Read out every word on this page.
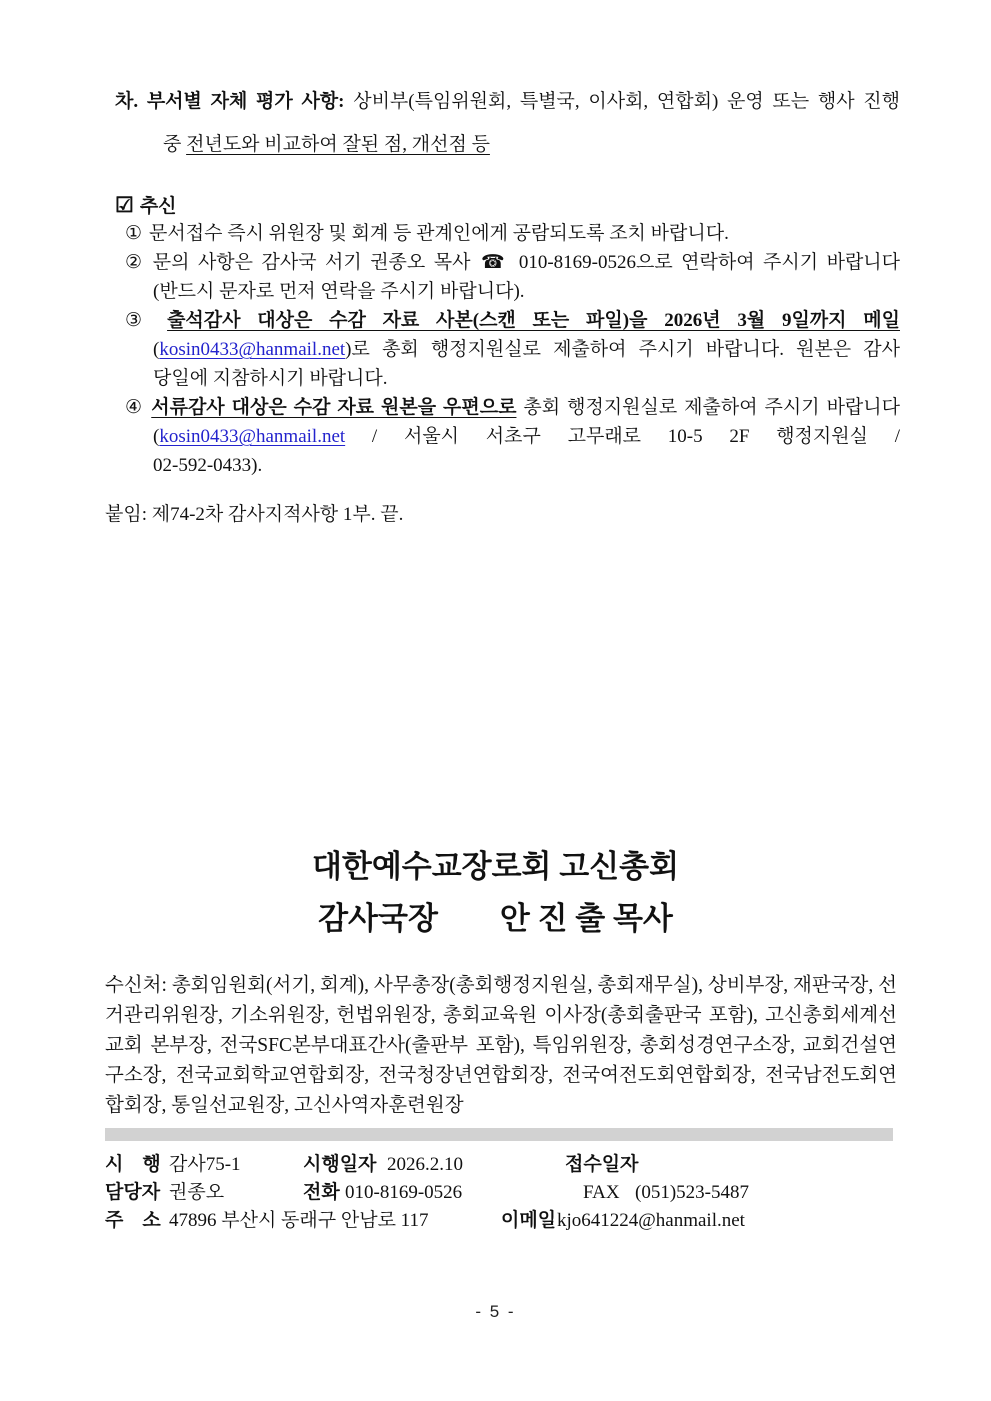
차. 부서별 자체 평가 사항: 상비부(특임위원회, 특별국, 이사회, 연합회) 운영 또는 행사 진행
중 전년도와 비교하여 잘된 점, 개선점 등
☑ 추신
① 문서접수 즉시 위원장 및 회계 등 관계인에게 공람되도록 조치 바랍니다.
② 문의 사항은 감사국 서기 권종오 목사 ☎ 010-8169-0526으로 연락하여 주시기 바랍니다
(반드시 문자로 먼저 연락을 주시기 바랍니다).
③ 출석감사 대상은 수감 자료 사본(스캔 또는 파일)을 2026년 3월 9일까지 메일
(kosin0433@hanmail.net)로 총회 행정지원실로 제출하여 주시기 바랍니다. 원본은 감사
당일에 지참하시기 바랍니다.
④ 서류감사 대상은 수감 자료 원본을 우편으로 총회 행정지원실로 제출하여 주시기 바랍니다
(kosin0433@hanmail.net / 서울시 서초구 고무래로 10-5 2F 행정지원실 /
02-592-0433).
붙임: 제74-2차 감사지적사항 1부. 끝.
대한예수교장로회 고신총회
감사국장　　안 진 출 목사
수신처: 총회임원회(서기, 회계), 사무총장(총회행정지원실, 총회재무실), 상비부장, 재판국장, 선거관리위원장, 기소위원장, 헌법위원장, 총회교육원 이사장(총회출판국 포함), 고신총회세계선교회 본부장, 전국SFC본부대표간사(출판부 포함), 특임위원장, 총회성경연구소장, 교회건설연구소장, 전국교회학교연합회장, 전국청장년연합회장, 전국여전도회연합회장, 전국남전도회연합회장, 통일선교원장, 고신사역자훈련원장
시　행 감사75-1	시행일자 2026.2.10	접수일자
담당자 권종오	전화 010-8169-0526	FAX (051)523-5487
주　소 47896 부산시 동래구 안남로 117	이메일 kjo641224@hanmail.net
- 5 -
